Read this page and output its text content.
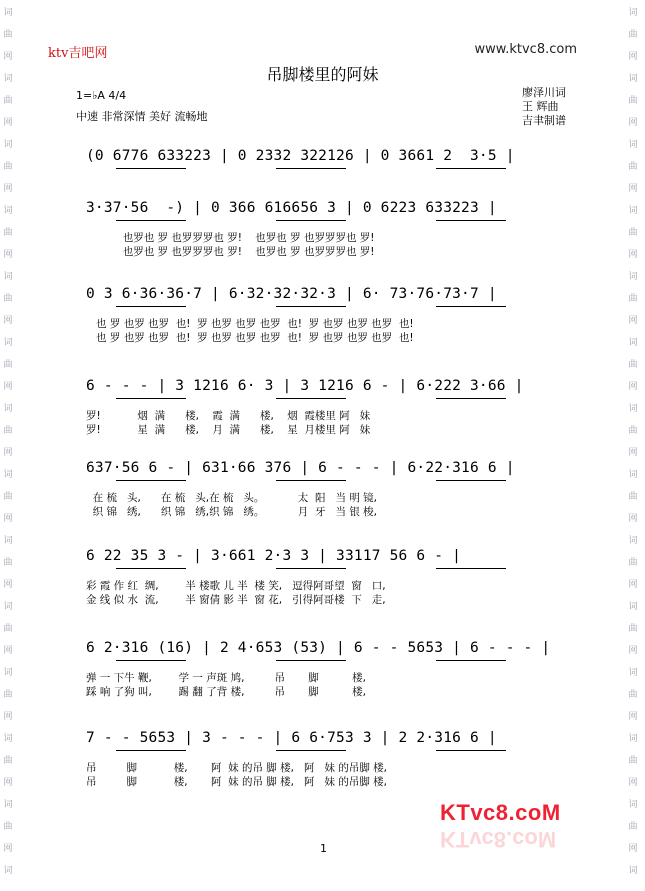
词
曲
网
词
曲
网
词
曲
网
词
曲
网
词
曲
网
词
曲
网
词
曲
网
词
曲
网
词
曲
网
词
曲
网
词
曲
网
词
曲
网
词
曲
网
词
词
曲
网
词
曲
网
词
曲
网
词
曲
网
词
曲
网
词
曲
网
词
曲
网
词
曲
网
词
曲
网
词
曲
网
词
曲
网
词
曲
网
词
曲
网
词
ktv吉吧网	www.ktvc8.com
吊脚楼里的阿妹
1=♭A 4/4
中速 非常深情 美好 流畅地
廖泽川词
王 辉曲
吉聿制谱
(0 6776 633223 | 0 2332 322126 | 0 3661 2  3·5 |
3·37·56  -) | 0 366 616656 3 | 0 6223 633223 |
也罗也 罗 也罗罗罗也 罗!    也罗也 罗 也罗罗罗也 罗!
也罗也 罗 也罗罗罗也 罗!    也罗也 罗 也罗罗罗也 罗!
0 3 6·36·36·7 | 6·32·32·32·3 | 6· 73·76·73·7 |
也 罗 也罗 也罗  也!  罗 也罗 也罗 也罗  也!  罗 也罗 也罗 也罗  也!
也 罗 也罗 也罗  也!  罗 也罗 也罗 也罗  也!  罗 也罗 也罗 也罗  也!
6 - - - | 3 1216 6· 3 | 3 1216 6 - | 6·222 3·66 |
罗!           烟  满      楼,    霞  满      楼,    烟  霞楼里 阿   妹
罗!           星  满      楼,    月  满      楼,    星  月楼里 阿   妹
637·56 6 - | 631·66 376 | 6 - - - | 6·22·316 6 |
在 梳   头,      在 梳   头,在 梳   头。          太  阳   当 明 镜,
织 锦   绣,      织 锦   绣,织 锦   绣。          月  牙   当 银 梭,
6 22 35 3 - | 3·661 2·3 3 | 33117 56 6 - |
彩 霞 作 红  绸,        半 楼歌 儿 半  楼 笑,   逗得阿哥望  窗   口,
金 线 似 水  流,        半 窗倩 影 半  窗 花,   引得阿哥楼  下   走,
6 2·316 (16) | 2 4·653 (53) | 6 - - 5653 | 6 - - - |
弹 一 下牛 鞭,        学 一 声斑 鸠,         吊       脚          楼,
踩 响 了狗 叫,        踢 翻 了背 楼,         吊       脚          楼,
7 - - 5653 | 3 - - - | 6 6·753 3 | 2 2·316 6 |
吊         脚           楼,       阿  妹 的吊 脚 楼,   阿   妹 的吊脚 楼,
吊         脚           楼,       阿  妹 的吊 脚 楼,   阿   妹 的吊脚 楼,
KTvc8.coM
KTvc8.coM
1
